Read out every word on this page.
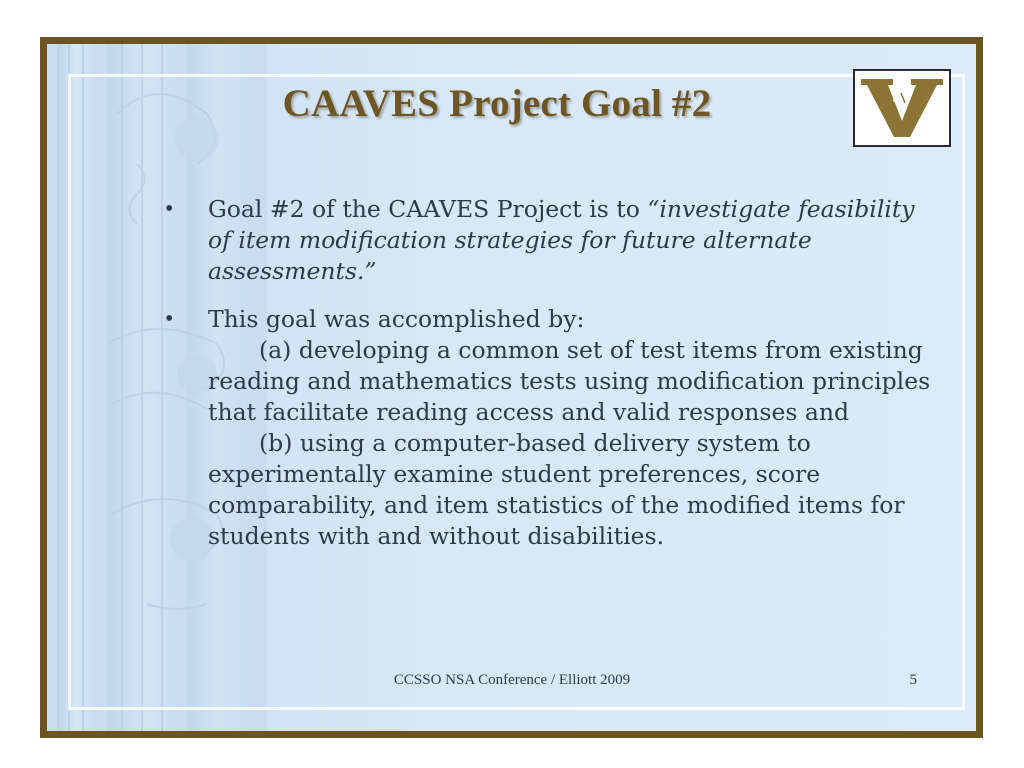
CAAVES Project Goal #2
• Goal #2 of the CAAVES Project is to “investigate feasibility of item modification strategies for future alternate assessments.”
• This goal was accomplished by:
(a) developing a common set of test items from existing reading and mathematics tests using modification principles that facilitate reading access and valid responses and
(b) using a computer-based delivery system to experimentally examine student preferences, score comparability, and item statistics of the modified items for students with and without disabilities.
CCSSO NSA Conference / Elliott 2009	5
